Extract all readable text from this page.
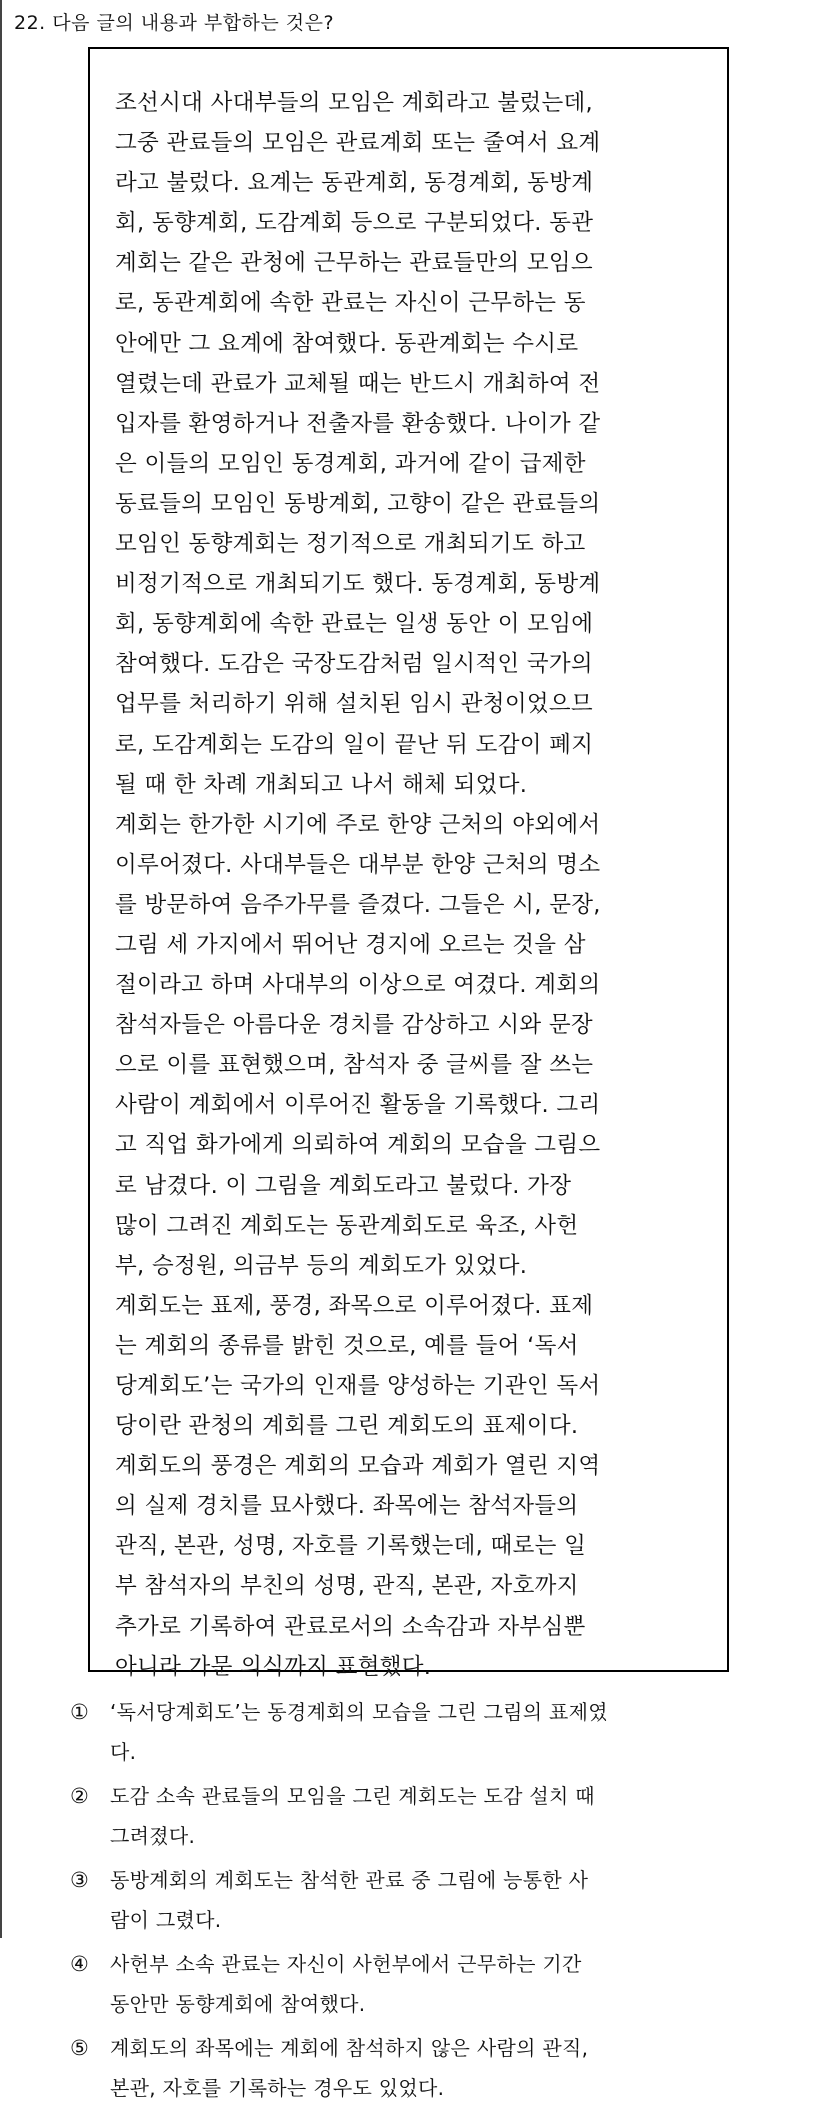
22. 다음 글의 내용과 부합하는 것은?
조선시대 사대부들의 모임은 계회라고 불렀는데,
그중 관료들의 모임은 관료계회 또는 줄여서 요계
라고 불렀다. 요계는 동관계회, 동경계회, 동방계
회, 동향계회, 도감계회 등으로 구분되었다. 동관
계회는 같은 관청에 근무하는 관료들만의 모임으
로, 동관계회에 속한 관료는 자신이 근무하는 동
안에만 그 요계에 참여했다. 동관계회는 수시로
열렸는데 관료가 교체될 때는 반드시 개최하여 전
입자를 환영하거나 전출자를 환송했다. 나이가 같
은 이들의 모임인 동경계회, 과거에 같이 급제한
동료들의 모임인 동방계회, 고향이 같은 관료들의
모임인 동향계회는 정기적으로 개최되기도 하고
비정기적으로 개최되기도 했다. 동경계회, 동방계
회, 동향계회에 속한 관료는 일생 동안 이 모임에
참여했다. 도감은 국장도감처럼 일시적인 국가의
업무를 처리하기 위해 설치된 임시 관청이었으므
로, 도감계회는 도감의 일이 끝난 뒤 도감이 폐지
될 때 한 차례 개최되고 나서 해체 되었다.
계회는 한가한 시기에 주로 한양 근처의 야외에서
이루어졌다. 사대부들은 대부분 한양 근처의 명소
를 방문하여 음주가무를 즐겼다. 그들은 시, 문장,
그림 세 가지에서 뛰어난 경지에 오르는 것을 삼
절이라고 하며 사대부의 이상으로 여겼다. 계회의
참석자들은 아름다운 경치를 감상하고 시와 문장
으로 이를 표현했으며, 참석자 중 글씨를 잘 쓰는
사람이 계회에서 이루어진 활동을 기록했다. 그리
고 직업 화가에게 의뢰하여 계회의 모습을 그림으
로 남겼다. 이 그림을 계회도라고 불렀다. 가장
많이 그려진 계회도는 동관계회도로 육조, 사헌
부, 승정원, 의금부 등의 계회도가 있었다.
계회도는 표제, 풍경, 좌목으로 이루어졌다. 표제
는 계회의 종류를 밝힌 것으로, 예를 들어 ‘독서
당계회도’는 국가의 인재를 양성하는 기관인 독서
당이란 관청의 계회를 그린 계회도의 표제이다.
계회도의 풍경은 계회의 모습과 계회가 열린 지역
의 실제 경치를 묘사했다. 좌목에는 참석자들의
관직, 본관, 성명, 자호를 기록했는데, 때로는 일
부 참석자의 부친의 성명, 관직, 본관, 자호까지
추가로 기록하여 관료로서의 소속감과 자부심뿐
아니라 가문 의식까지 표현했다.
①	‘독서당계회도’는 동경계회의 모습을 그린 그림의 표제였
다.
②	도감 소속 관료들의 모임을 그린 계회도는 도감 설치 때
그려졌다.
③	동방계회의 계회도는 참석한 관료 중 그림에 능통한 사
람이 그렸다.
④	사헌부 소속 관료는 자신이 사헌부에서 근무하는 기간
동안만 동향계회에 참여했다.
⑤	계회도의 좌목에는 계회에 참석하지 않은 사람의 관직,
본관, 자호를 기록하는 경우도 있었다.
